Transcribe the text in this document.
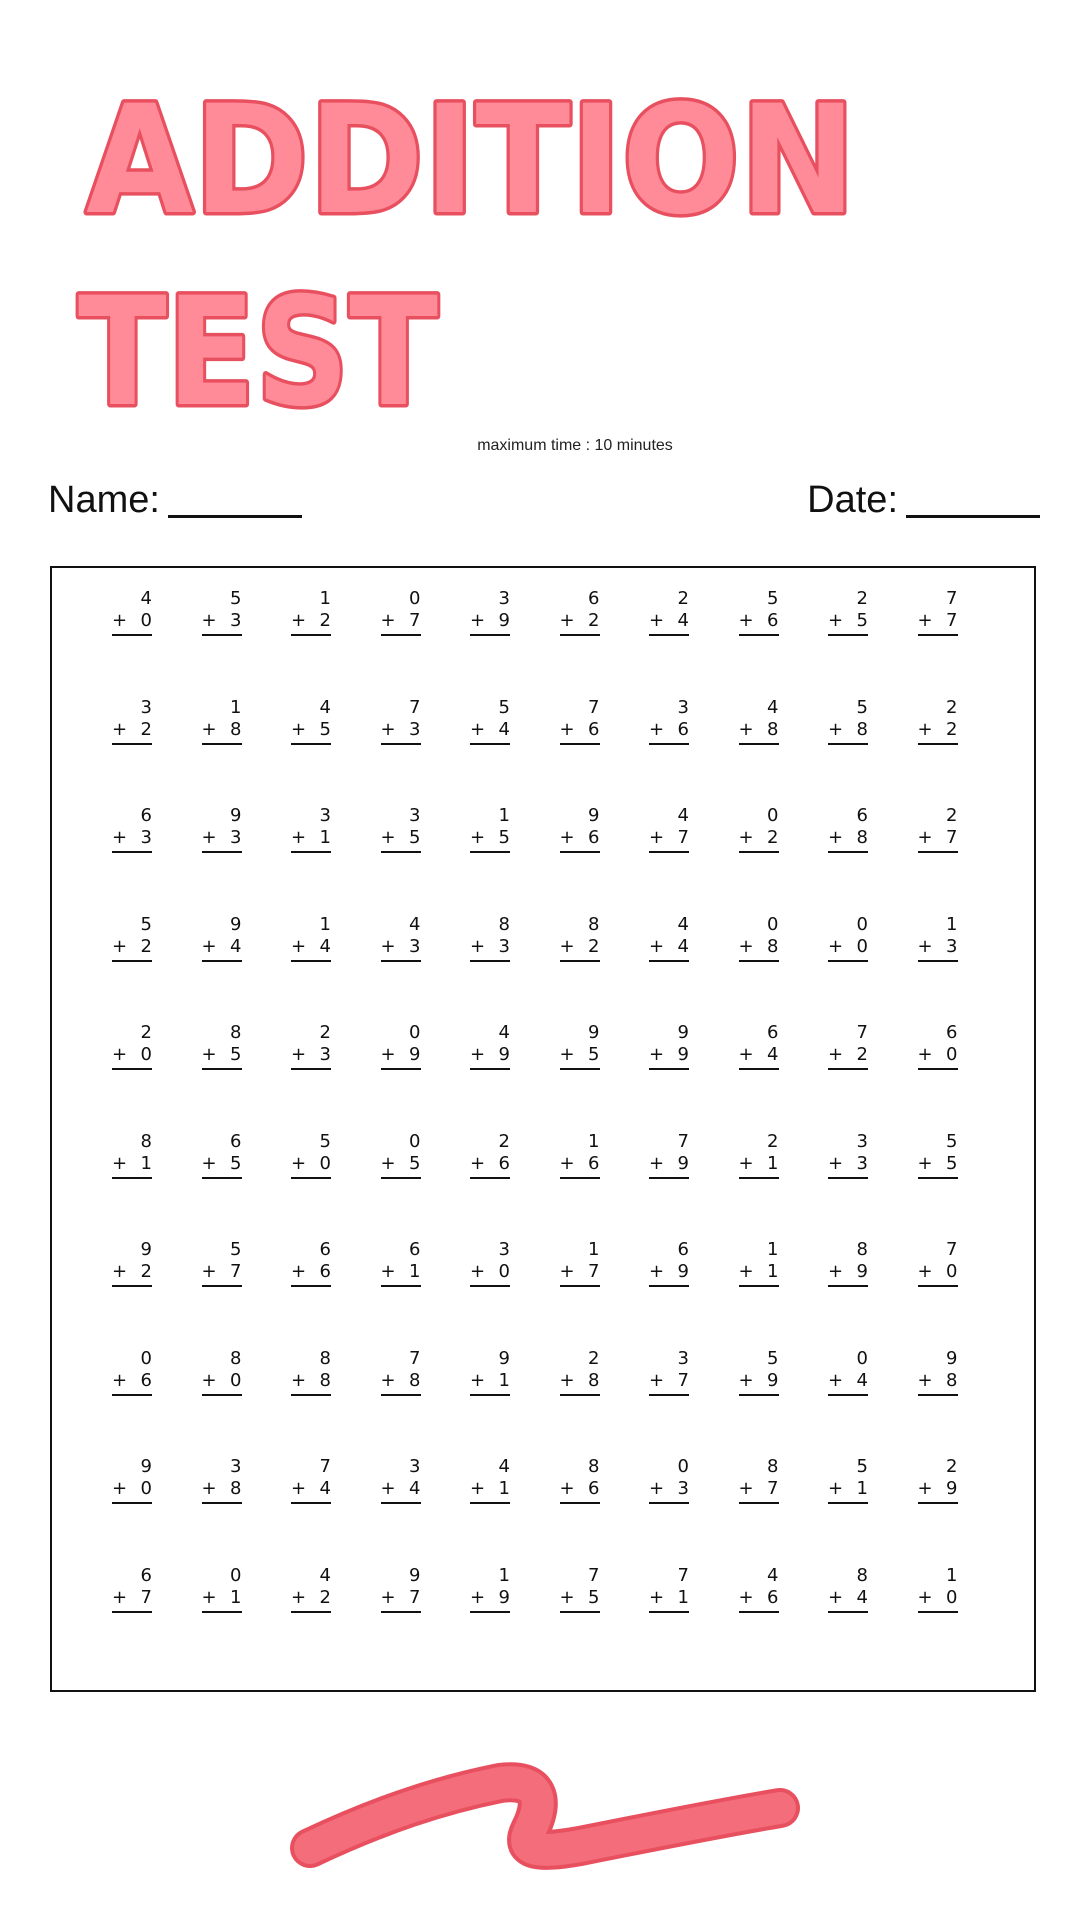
ADDITION
TEST
maximum time : 10 minutes
Name:	Date:
4
+ 0
5
+ 3
1
+ 2
0
+ 7
3
+ 9
6
+ 2
2
+ 4
5
+ 6
2
+ 5
7
+ 7
3
+ 2
1
+ 8
4
+ 5
7
+ 3
5
+ 4
7
+ 6
3
+ 6
4
+ 8
5
+ 8
2
+ 2
6
+ 3
9
+ 3
3
+ 1
3
+ 5
1
+ 5
9
+ 6
4
+ 7
0
+ 2
6
+ 8
2
+ 7
5
+ 2
9
+ 4
1
+ 4
4
+ 3
8
+ 3
8
+ 2
4
+ 4
0
+ 8
0
+ 0
1
+ 3
2
+ 0
8
+ 5
2
+ 3
0
+ 9
4
+ 9
9
+ 5
9
+ 9
6
+ 4
7
+ 2
6
+ 0
8
+ 1
6
+ 5
5
+ 0
0
+ 5
2
+ 6
1
+ 6
7
+ 9
2
+ 1
3
+ 3
5
+ 5
9
+ 2
5
+ 7
6
+ 6
6
+ 1
3
+ 0
1
+ 7
6
+ 9
1
+ 1
8
+ 9
7
+ 0
0
+ 6
8
+ 0
8
+ 8
7
+ 8
9
+ 1
2
+ 8
3
+ 7
5
+ 9
0
+ 4
9
+ 8
9
+ 0
3
+ 8
7
+ 4
3
+ 4
4
+ 1
8
+ 6
0
+ 3
8
+ 7
5
+ 1
2
+ 9
6
+ 7
0
+ 1
4
+ 2
9
+ 7
1
+ 9
7
+ 5
7
+ 1
4
+ 6
8
+ 4
1
+ 0
